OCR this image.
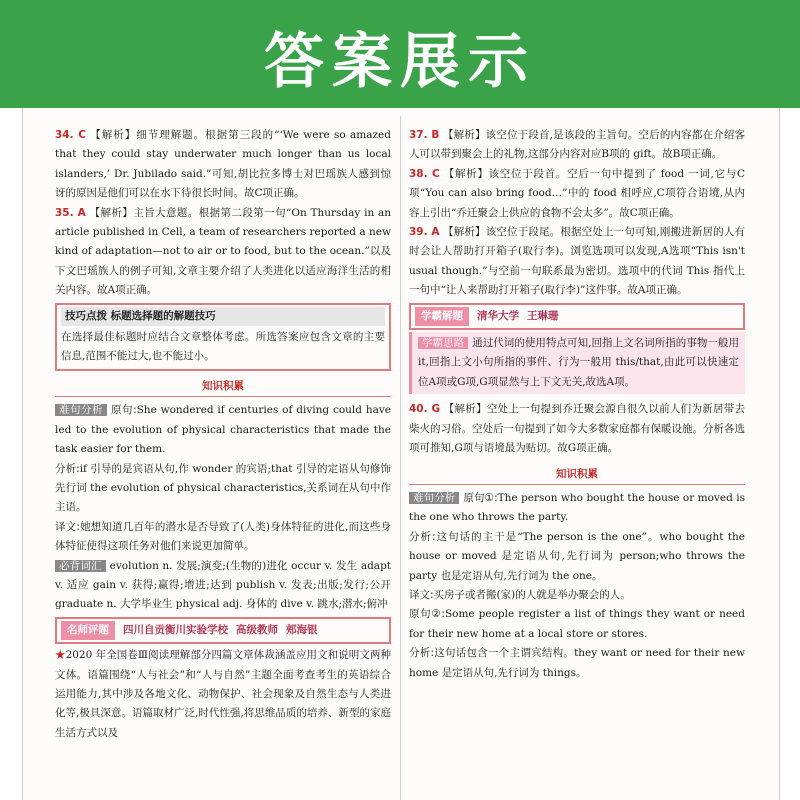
答案展示

34. C 【解析】细节理解题。根据第三段的“‘We were so amazed that they could stay underwater much longer than us local islanders,’ Dr. Jubilado said.”可知,胡比拉多博士对巴瑶族人感到惊讶的原因是他们可以在水下待很长时间。故C项正确。

35. A 【解析】主旨大意题。根据第二段第一句“On Thursday in an article published in Cell, a team of researchers reported a new kind of adaptation—not to air or to food, but to the ocean.”以及下文巴瑶族人的例子可知,文章主要介绍了人类进化以适应海洋生活的相关内容。故A项正确。

技巧点拨 标题选择题的解题技巧

在选择最佳标题时应结合文章整体考虑。所选答案应包含文章的主要信息,范围不能过大,也不能过小。

知识积累

难句分析 原句:She wondered if centuries of diving could have led to the evolution of physical characteristics that made the task easier for them.

分析:if 引导的是宾语从句,作 wonder 的宾语;that 引导的定语从句修饰先行词 the evolution of physical characteristics,关系词在从句中作主语。

译文:她想知道几百年的潜水是否导致了(人类)身体特征的进化,而这些身体特征使得这项任务对他们来说更加简单。

必背词汇 evolution n. 发展;演变;(生物的)进化 occur v. 发生 adapt v. 适应 gain v. 获得;赢得;增进;达到 publish v. 发表;出版;发行;公开 graduate n. 大学毕业生 physical adj. 身体的 dive v. 跳水;潜水;俯冲

名师评题	四川自贡衡川实验学校 高级教师 郏海银

★2020 年全国卷Ⅲ阅读理解部分四篇文章体裁涵盖应用文和说明文两种文体。语篇围绕“人与社会”和“人与自然”主题全面考查考生的英语综合运用能力,其中涉及各地文化、动物保护、社会现象及自然生态与人类进化等,极具深意。语篇取材广泛,时代性强,将思维品质的培养、新型的家庭生活方式以及

37. B 【解析】该空位于段首,是该段的主旨句。空后的内容都在介绍客人可以带到聚会上的礼物,这部分内容对应B项的 gift。故B项正确。

38. C 【解析】该空位于段首。空后一句中提到了 food 一词,它与C项“You can also bring food…”中的 food 相呼应,C项符合语境,从内容上引出“乔迁聚会上供应的食物不会太多”。故C项正确。

39. A 【解析】该空位于段尾。根据空处上一句可知,刚搬进新居的人有时会让人帮助打开箱子(取行李)。浏览选项可以发现,A选项“This isn't usual though.”与空前一句联系最为密切。选项中的代词 This 指代上一句中“让人来帮助打开箱子(取行李)”这件事。故A项正确。

学霸解题	清华大学 王琳珊

学霸思路 通过代词的使用特点可知,回指上文名词所指的事物一般用 it,回指上文小句所指的事件、行为一般用 this/that,由此可以快速定位A项或G项,G项显然与上下文无关,故选A项。

40. G 【解析】空处上一句提到乔迁聚会源自很久以前人们为新居带去柴火的习俗。空处后一句提到了如今大多数家庭都有保暖设施。分析各选项可推知,G项与语境最为贴切。故G项正确。

知识积累

难句分析 原句①:The person who bought the house or moved is the one who throws the party.

分析:这句话的主干是“The person is the one”。who bought the house or moved 是定语从句,先行词为 person;who throws the party 也是定语从句,先行词为 the one。

译文:买房子或者搬(家)的人就是举办聚会的人。

原句②:Some people register a list of things they want or need for their new home at a local store or stores.

分析:这句话包含一个主谓宾结构。they want or need for their new home 是定语从句,先行词为 things。
